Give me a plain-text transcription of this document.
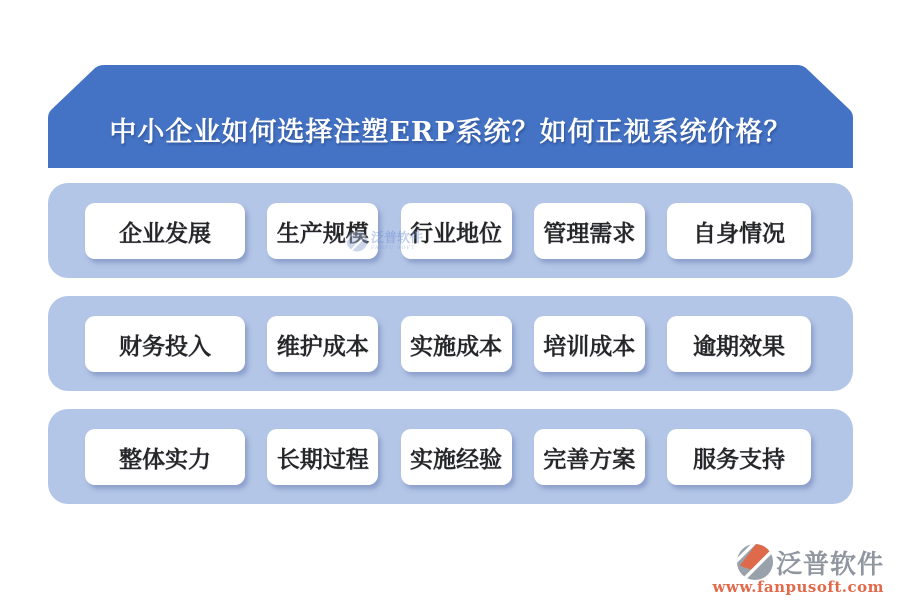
中小企业如何选择注塑ERP系统？如何正视系统价格？
企业发展	生产规模	行业地位	管理需求	自身情况
财务投入	维护成本	实施成本	培训成本	逾期效果
整体实力	长期过程	实施经验	完善方案	服务支持
泛普软件
FANPU SOFT
泛普软件
www.fanpusoft.com
